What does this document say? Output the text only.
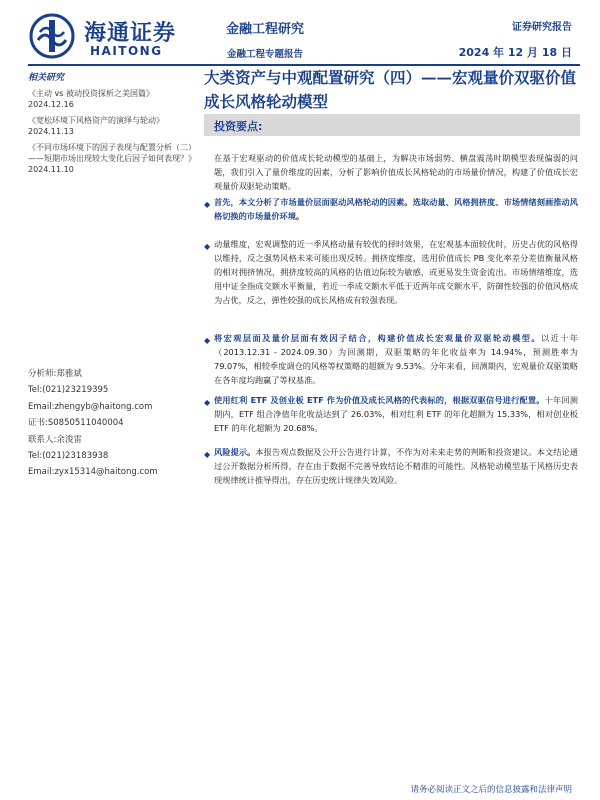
海通证券
HAITONG
金融工程研究
金融工程专题报告
证券研究报告
2024 年 12 月 18 日
相关研究
《主动 vs 被动投资探析之美国篇》
2024.12.16
《宽松环境下风格资产的演绎与轮动》
2024.11.13
《不同市场环境下的因子表现与配置分析（二）——短期市场出现较大变化后因子如何表现？》
2024.11.10
分析师:郑雅斌
Tel:(021)23219395
Email:zhengyb@haitong.com
证书:S0850511040004
联系人:余浚雷
Tel:(021)23183938
Email:zyx15314@haitong.com
大类资产与中观配置研究（四）——宏观量价双驱价值成长风格轮动模型
投资要点:
在基于宏观驱动的价值成长轮动模型的基础上，为解决市场弱势、横盘震荡时期模型表现偏弱的问题，我们引入了量价维度的因素，分析了影响价值成长风格轮动的市场量价情况，构建了价值成长宏观量价双驱轮动策略。
◆ 首先，本文分析了市场量价层面驱动风格轮动的因素。选取动量、风格拥挤度、市场情绪刻画推动风格切换的市场量价环境。
◆ 动量维度，宏观调整的近一季风格动量有较优的择时效果，在宏观基本面较优时，历史占优的风格得以维持，反之强势风格未来可能出现反转。拥挤度维度，选用价值成长 PB 变化率差分差值衡量风格的相对拥挤情况，拥挤度较高的风格的估值边际较为敏感，或更易发生资金流出。市场情绪维度，选用中证全指成交额水平衡量，若近一季成交额水平低于近两年成交额水平，防御性较强的价值风格成为占优，反之，弹性较强的成长风格成有较强表现。
◆ 将宏观层面及量价层面有效因子结合，构建价值成长宏观量价双驱轮动模型。以近十年（2013.12.31 - 2024.09.30）为回测期，双驱策略的年化收益率为 14.94%，预测胜率为 79.07%，相较季度调仓的风格等权策略的超额为 9.53%。分年来看，回测期内，宏观量价双驱策略在各年度均跑赢了等权基准。
◆ 使用红利 ETF 及创业板 ETF 作为价值及成长风格的代表标的，根据双驱信号进行配置。十年回测期内，ETF 组合净值年化收益达到了 26.03%，相对红利 ETF 的年化超额为 15.33%，相对创业板 ETF 的年化超额为 20.68%。
◆ 风险提示。本报告观点数据及公开公告进行计算，不作为对未来走势的判断和投资建议。本文结论通过公开数据分析所得，存在由于数据不完善导致结论不精准的可能性。风格轮动模型基于风格历史表现规律统计推导得出，存在历史统计规律失效风险。
请务必阅读正文之后的信息披露和法律声明
